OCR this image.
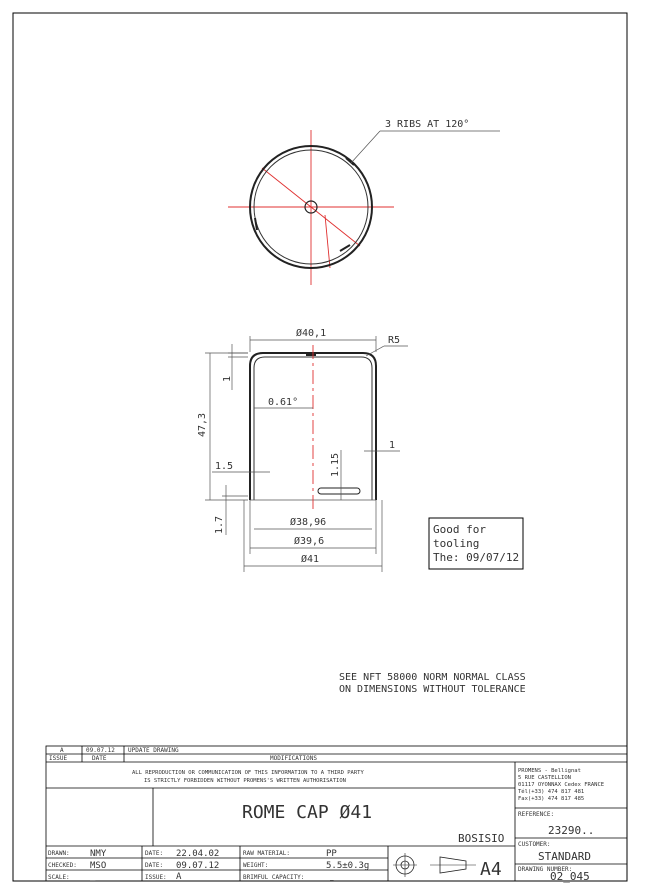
3 RIBS AT 120°
Ø40,1
R5
0.61°
47,3
1
1
1.5	1.15
1.7	Ø38,96
Ø39,6
Ø41
Good for
tooling
The: 09/07/12
SEE NFT 58000 NORM NORMAL CLASS
ON DIMENSIONS WITHOUT TOLERANCE
A	09.07.12 UPDATE DRAWING
ISSUE	DATE	MODIFICATIONS
ALL REPRODUCTION OR COMMUNICATION OF THIS INFORMATION TO A THIRD PARTY
IS STRICTLY FORBIDDEN WITHOUT PROMENS'S WRITTEN AUTHORISATION
PROMENS - Bellignat
5 RUE CASTELLION
01117 OYONNAX Cedex FRANCE
Tél(+33) 474 817 481
Fax(+33) 474 817 485
REFERENCE:
23290..
CUSTOMER:
STANDARD
DRAWING NUMBER:
02_045
ROME CAP Ø41
BOSISIO
DRAWN: NMY
CHECKED: MSO
SCALE: _
DATE: 22.04.02
DATE: 09.07.12
ISSUE: A
RAW MATERIAL:	PP
WEIGHT:	5.5±0.3g
BRIMFUL CAPACITY:	_	A4
